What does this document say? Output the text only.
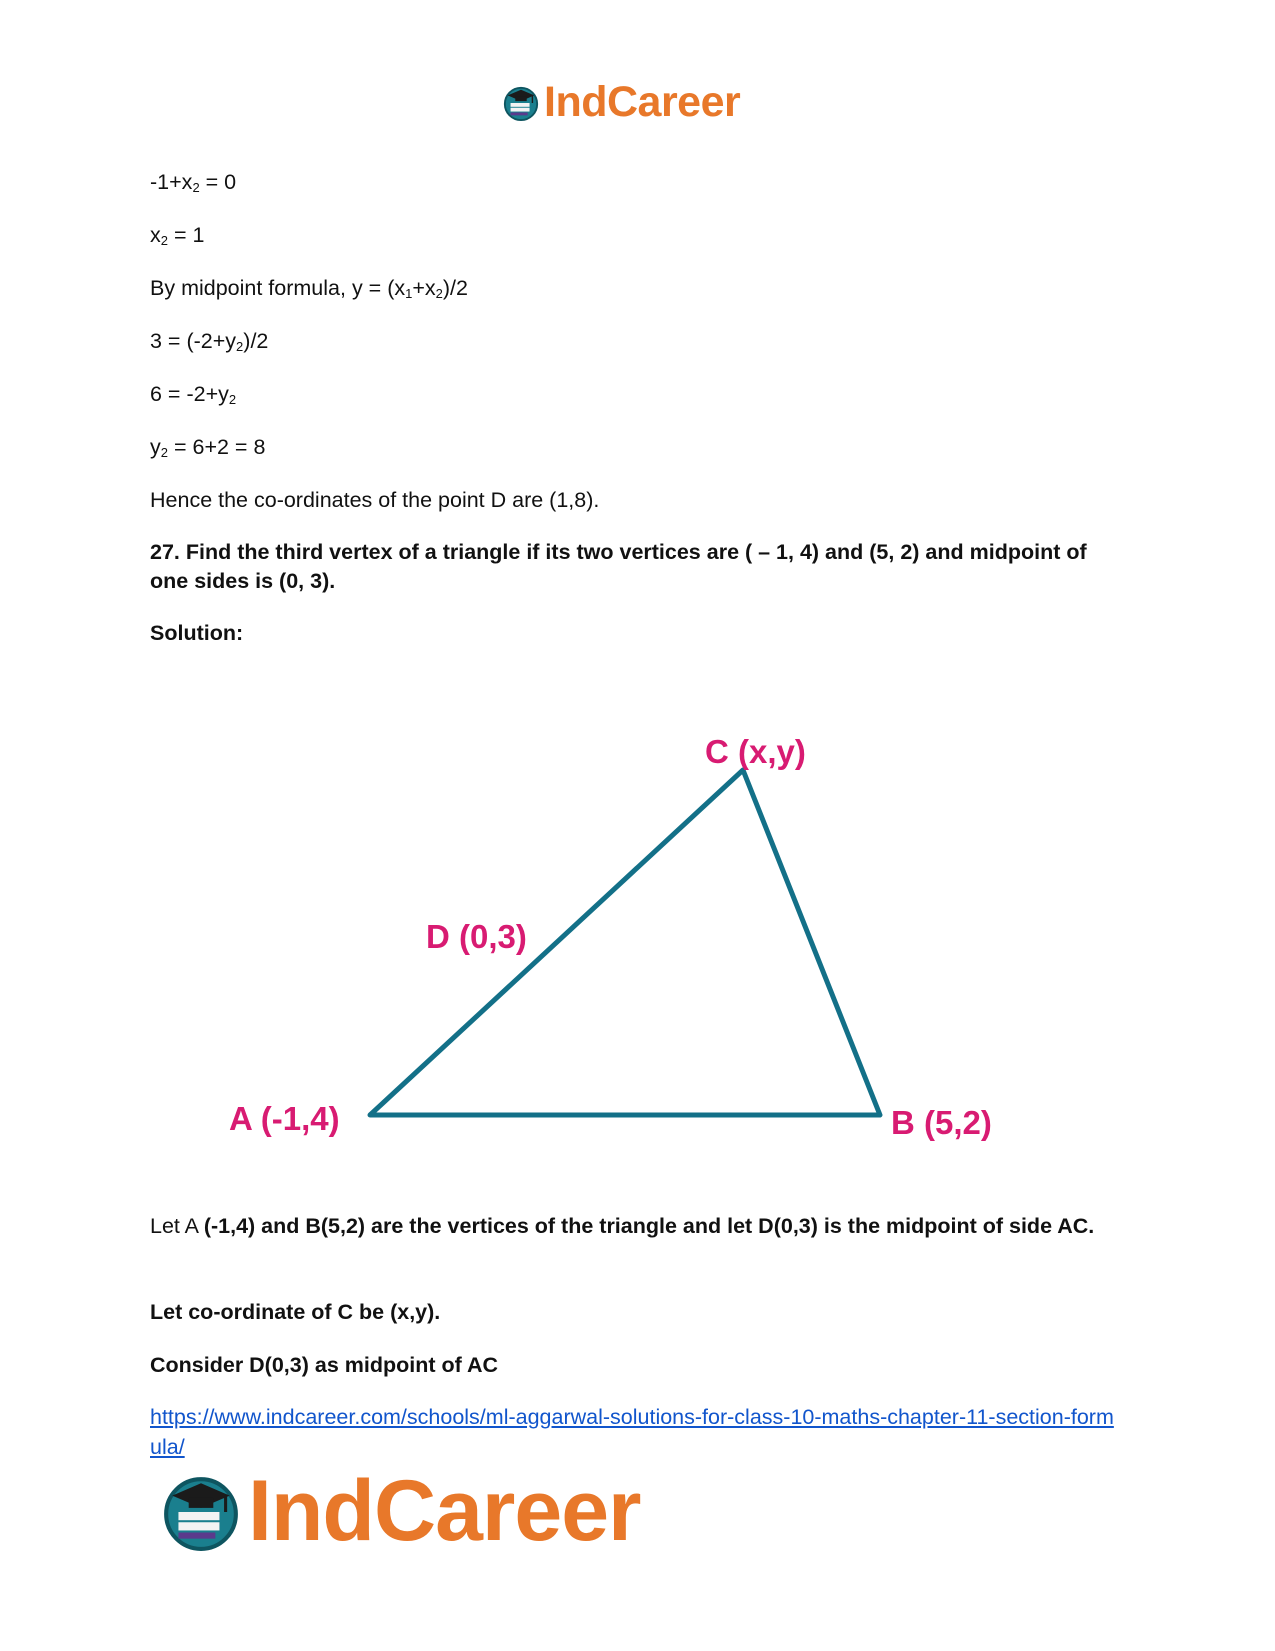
IndCareer
$-1+x_2 = 0$
$x_2 = 1$
By midpoint formula, $y = (x_1+x_2)/2$
$3 = (-2+y_2)/2$
$6 = -2+y_2$
$y_2 = 6+2 = 8$
Hence the co-ordinates of the point D are (1,8).
27. Find the third vertex of a triangle if its two vertices are ( – 1, 4) and (5, 2) and midpoint of one sides is (0, 3).
Solution:
C (x,y)
D (0,3)
A (-1,4)	B (5,2)
Let A (-1,4) and B(5,2) are the vertices of the triangle and let D(0,3) is the midpoint of side AC.
Let co-ordinate of C be (x,y).
Consider D(0,3) as midpoint of AC
https://www.indcareer.com/schools/ml-aggarwal-solutions-for-class-10-maths-chapter-11-section-formula/
IndCareer
